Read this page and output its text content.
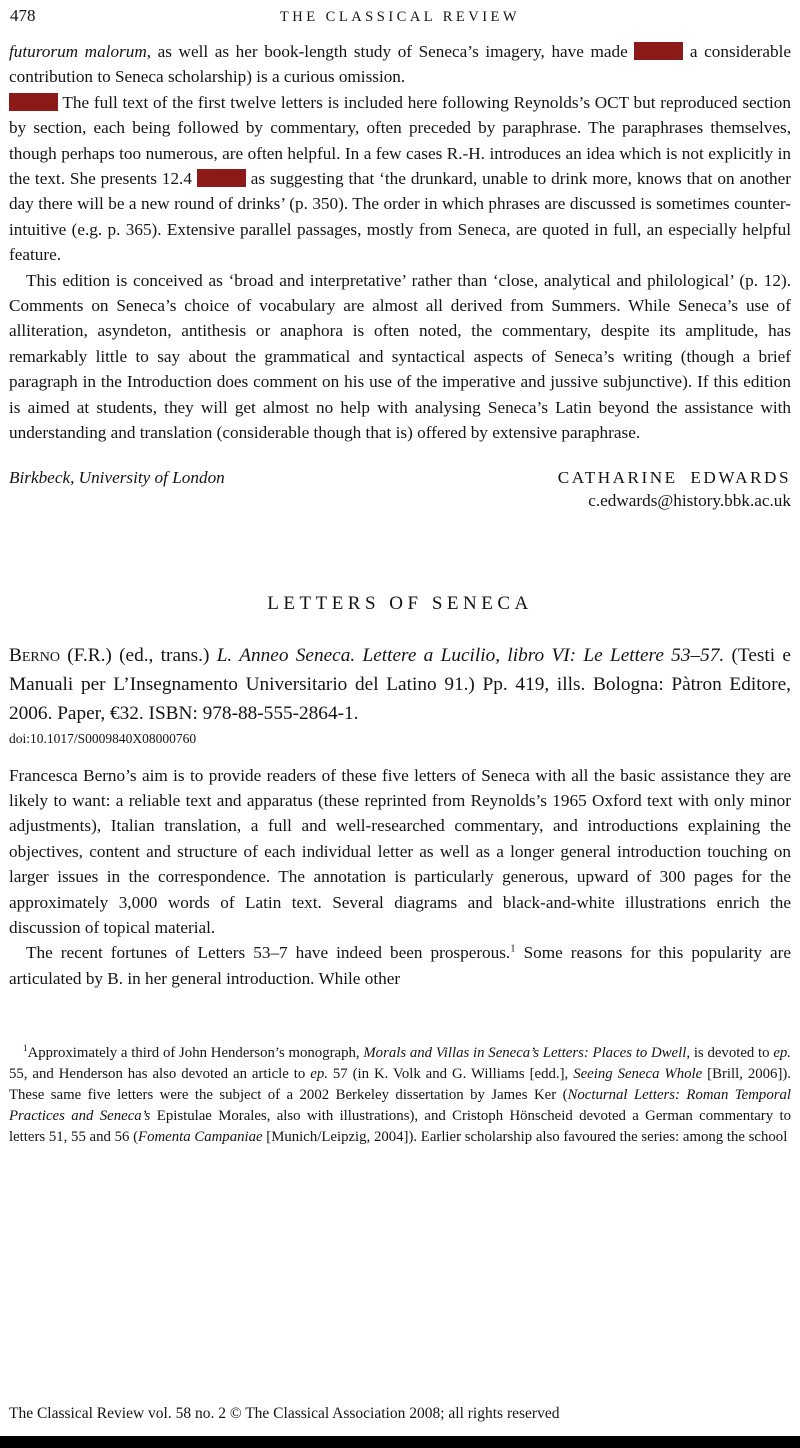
478	THE CLASSICAL REVIEW

futurorum malorum, as well as her book-length study of Seneca’s imagery, have made	a considerable contribution to Seneca scholarship) is a curious omission.

The full text of the first twelve letters is included here following Reynolds’s OCT but reproduced section by section, each being followed by commentary, often preceded by paraphrase. The paraphrases themselves, though perhaps too numerous, are often helpful. In a few cases R.-H. introduces an idea which is not explicitly in the text. She presents 12.4	as suggesting that ‘the drunkard, unable to drink more, knows that on another day there will be a new round of drinks’ (p. 350). The order in which phrases are discussed is sometimes counter-intuitive (e.g. p. 365). Extensive parallel passages, mostly from Seneca, are quoted in full, an especially helpful feature.

This edition is conceived as ‘broad and interpretative’ rather than ‘close, analytical and philological’ (p. 12). Comments on Seneca’s choice of vocabulary are almost all derived from Summers. While Seneca’s use of alliteration, asyndeton, antithesis or anaphora is often noted, the commentary, despite its amplitude, has remarkably little to say about the grammatical and syntactical aspects of Seneca’s writing (though a brief paragraph in the Introduction does comment on his use of the imperative and jussive subjunctive). If this edition is aimed at students, they will get almost no help with analysing Seneca’s Latin beyond the assistance with understanding and translation (considerable though that is) offered by extensive paraphrase.

Birkbeck, University of London	CATHARINE EDWARDS
c.edwards@history.bbk.ac.uk
LETTERS OF SENECA

Berno (F.R.) (ed., trans.) L. Anneo Seneca. Lettere a Lucilio, libro VI: Le Lettere 53–57. (Testi e Manuali per L’Insegnamento Universitario del Latino 91.) Pp. 419, ills. Bologna: Pàtron Editore, 2006. Paper, €32. ISBN: 978-88-555-2864-1.

doi:10.1017/S0009840X08000760

Francesca Berno’s aim is to provide readers of these five letters of Seneca with all the basic assistance they are likely to want: a reliable text and apparatus (these reprinted from Reynolds’s 1965 Oxford text with only minor adjustments), Italian translation, a full and well-researched commentary, and introductions explaining the objectives, content and structure of each individual letter as well as a longer general introduction touching on larger issues in the correspondence. The annotation is particularly generous, upward of 300 pages for the approximately 3,000 words of Latin text. Several diagrams and black-and-white illustrations enrich the discussion of topical material.

The recent fortunes of Letters 53–7 have indeed been prosperous.$^1$ Some reasons for this popularity are articulated by B. in her general introduction. While other

$^1$Approximately a third of John Henderson’s monograph, Morals and Villas in Seneca’s Letters: Places to Dwell, is devoted to ep. 55, and Henderson has also devoted an article to ep. 57 (in K. Volk and G. Williams [edd.], Seeing Seneca Whole [Brill, 2006]). These same five letters were the subject of a 2002 Berkeley dissertation by James Ker (Nocturnal Letters: Roman Temporal Practices and Seneca’s Epistulae Morales, also with illustrations), and Cristoph Hönscheid devoted a German commentary to letters 51, 55 and 56 (Fomenta Campaniae [Munich/Leipzig, 2004]). Earlier scholarship also favoured the series: among the school
The Classical Review vol. 58 no. 2 © The Classical Association 2008; all rights reserved
